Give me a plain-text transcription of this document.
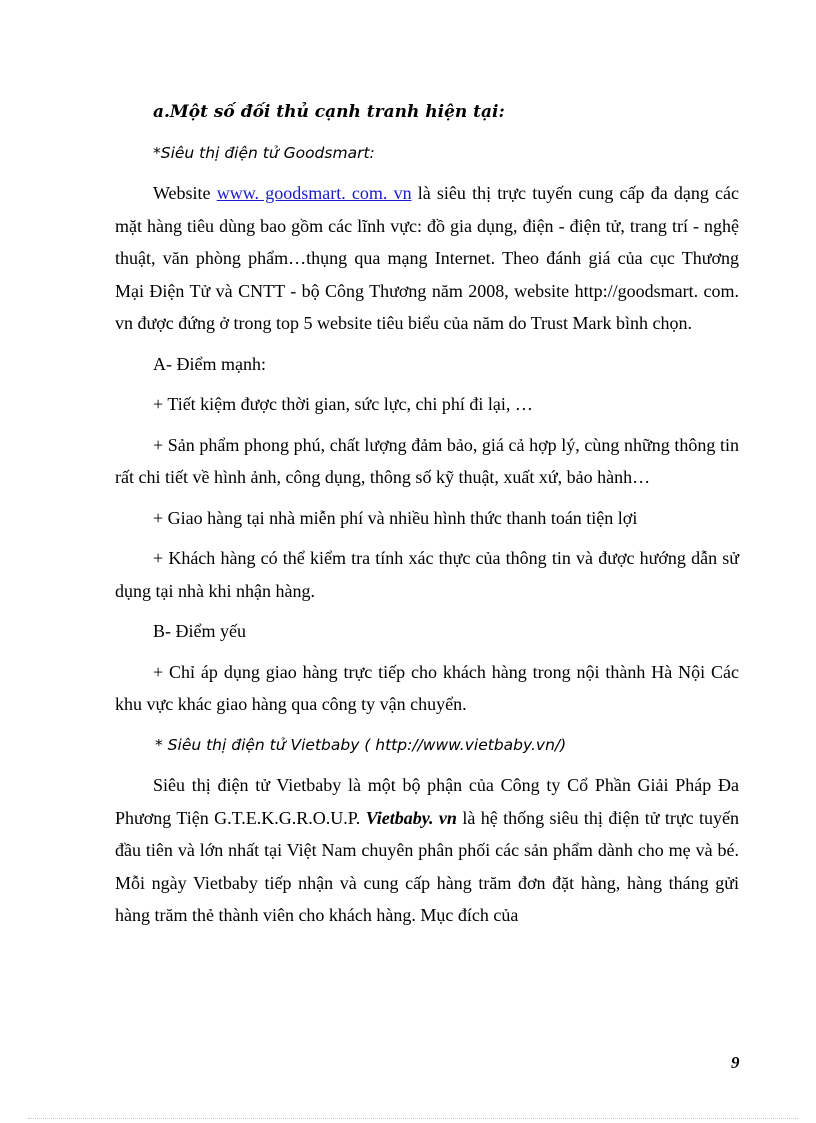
a.Một số đối thủ cạnh tranh hiện tại:
*Siêu thị điện tử Goodsmart:
Website www. goodsmart. com. vn là siêu thị trực tuyến cung cấp đa dạng các mặt hàng tiêu dùng bao gồm các lĩnh vực: đồ gia dụng, điện - điện tử, trang trí - nghệ thuật, văn phòng phẩm…thụng qua mạng Internet. Theo đánh giá của cục Thương Mại Điện Tử và CNTT - bộ Công Thương năm 2008, website http://goodsmart. com. vn được đứng ở trong top 5 website tiêu biểu của năm do Trust Mark bình chọn.
A- Điểm mạnh:
+ Tiết kiệm được thời gian, sức lực, chi phí đi lại, …
+ Sản phẩm phong phú, chất lượng đảm bảo, giá cả hợp lý, cùng những thông tin rất chi tiết về hình ảnh, công dụng, thông số kỹ thuật, xuất xứ, bảo hành…
+ Giao hàng tại nhà miễn phí và nhiều hình thức thanh toán tiện lợi
+ Khách hàng có thể kiểm tra tính xác thực của thông tin và được hướng dẫn sử dụng tại nhà khi nhận hàng.
B- Điểm yếu
+ Chỉ áp dụng giao hàng trực tiếp cho khách hàng trong nội thành Hà Nội Các khu vực khác giao hàng qua công ty vận chuyển.
* Siêu thị điện tử Vietbaby ( http://www.vietbaby.vn/)
Siêu thị điện tử Vietbaby là một bộ phận của Công ty Cổ Phần Giải Pháp Đa Phương Tiện G.T.E.K.G.R.O.U.P. Vietbaby. vn là hệ thống siêu thị điện tử trực tuyến đầu tiên và lớn nhất tại Việt Nam chuyên phân phối các sản phẩm dành cho mẹ và bé. Mỗi ngày Vietbaby tiếp nhận và cung cấp hàng trăm đơn đặt hàng, hàng tháng gửi hàng trăm thẻ thành viên cho khách hàng. Mục đích của
9
